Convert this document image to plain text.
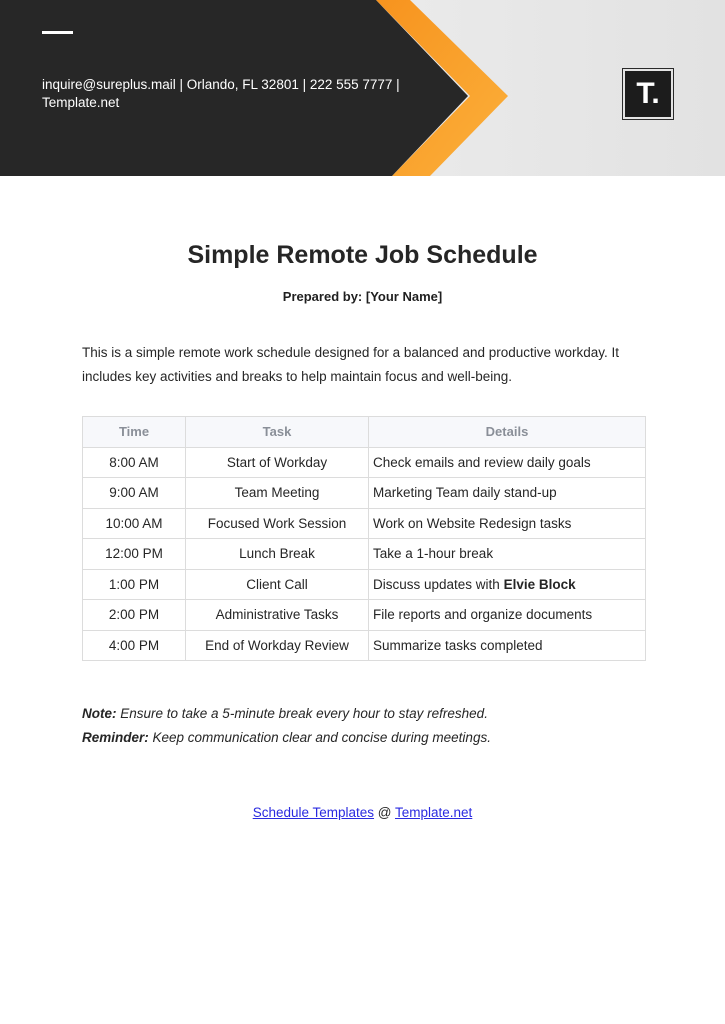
inquire@sureplus.mail | Orlando, FL 32801 | 222 555 7777 | Template.net	T.
Simple Remote Job Schedule
Prepared by: [Your Name]
This is a simple remote work schedule designed for a balanced and productive workday. It includes key activities and breaks to help maintain focus and well-being.
Time	Task	Details
8:00 AM	Start of Workday	Check emails and review daily goals
9:00 AM	Team Meeting	Marketing Team daily stand-up
10:00 AM	Focused Work Session	Work on Website Redesign tasks
12:00 PM	Lunch Break	Take a 1-hour break
1:00 PM	Client Call	Discuss updates with Elvie Block
2:00 PM	Administrative Tasks	File reports and organize documents
4:00 PM	End of Workday Review	Summarize tasks completed
Note: Ensure to take a 5-minute break every hour to stay refreshed.
Reminder: Keep communication clear and concise during meetings.
Schedule Templates @ Template.net
